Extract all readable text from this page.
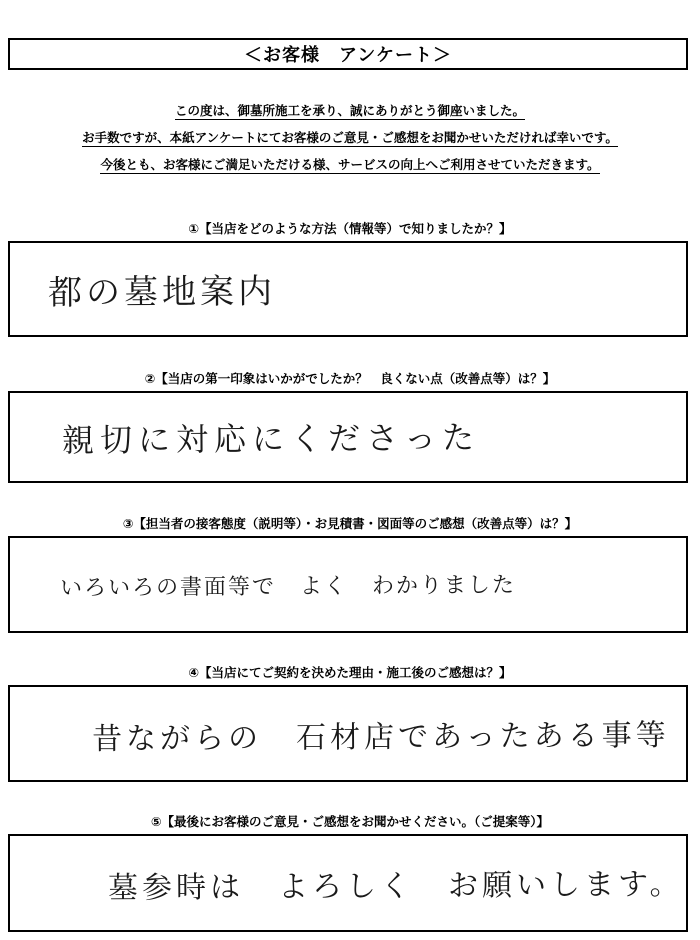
＜お客様　アンケート＞
この度は、御墓所施工を承り、誠にありがとう御座いました。
お手数ですが、本紙アンケートにてお客様のご意見・ご感想をお聞かせいただければ幸いです。
今後とも、お客様にご満足いただける様、サービスの向上へご利用させていただきます。
①【当店をどのような方法（情報等）で知りましたか？】
都の墓地案内
②【当店の第一印象はいかがでしたか？　良くない点（改善点等）は？】
親切に対応にくださった
③【担当者の接客態度（説明等）・お見積書・図面等のご感想（改善点等）は？】
いろいろの書面等で　よく　わかりました
④【当店にてご契約を決めた理由・施工後のご感想は？】
昔ながらの　石材店であったある事等
⑤【最後にお客様のご意見・ご感想をお聞かせください。（ご提案等）】
墓参時は　よろしく　お願いします。
